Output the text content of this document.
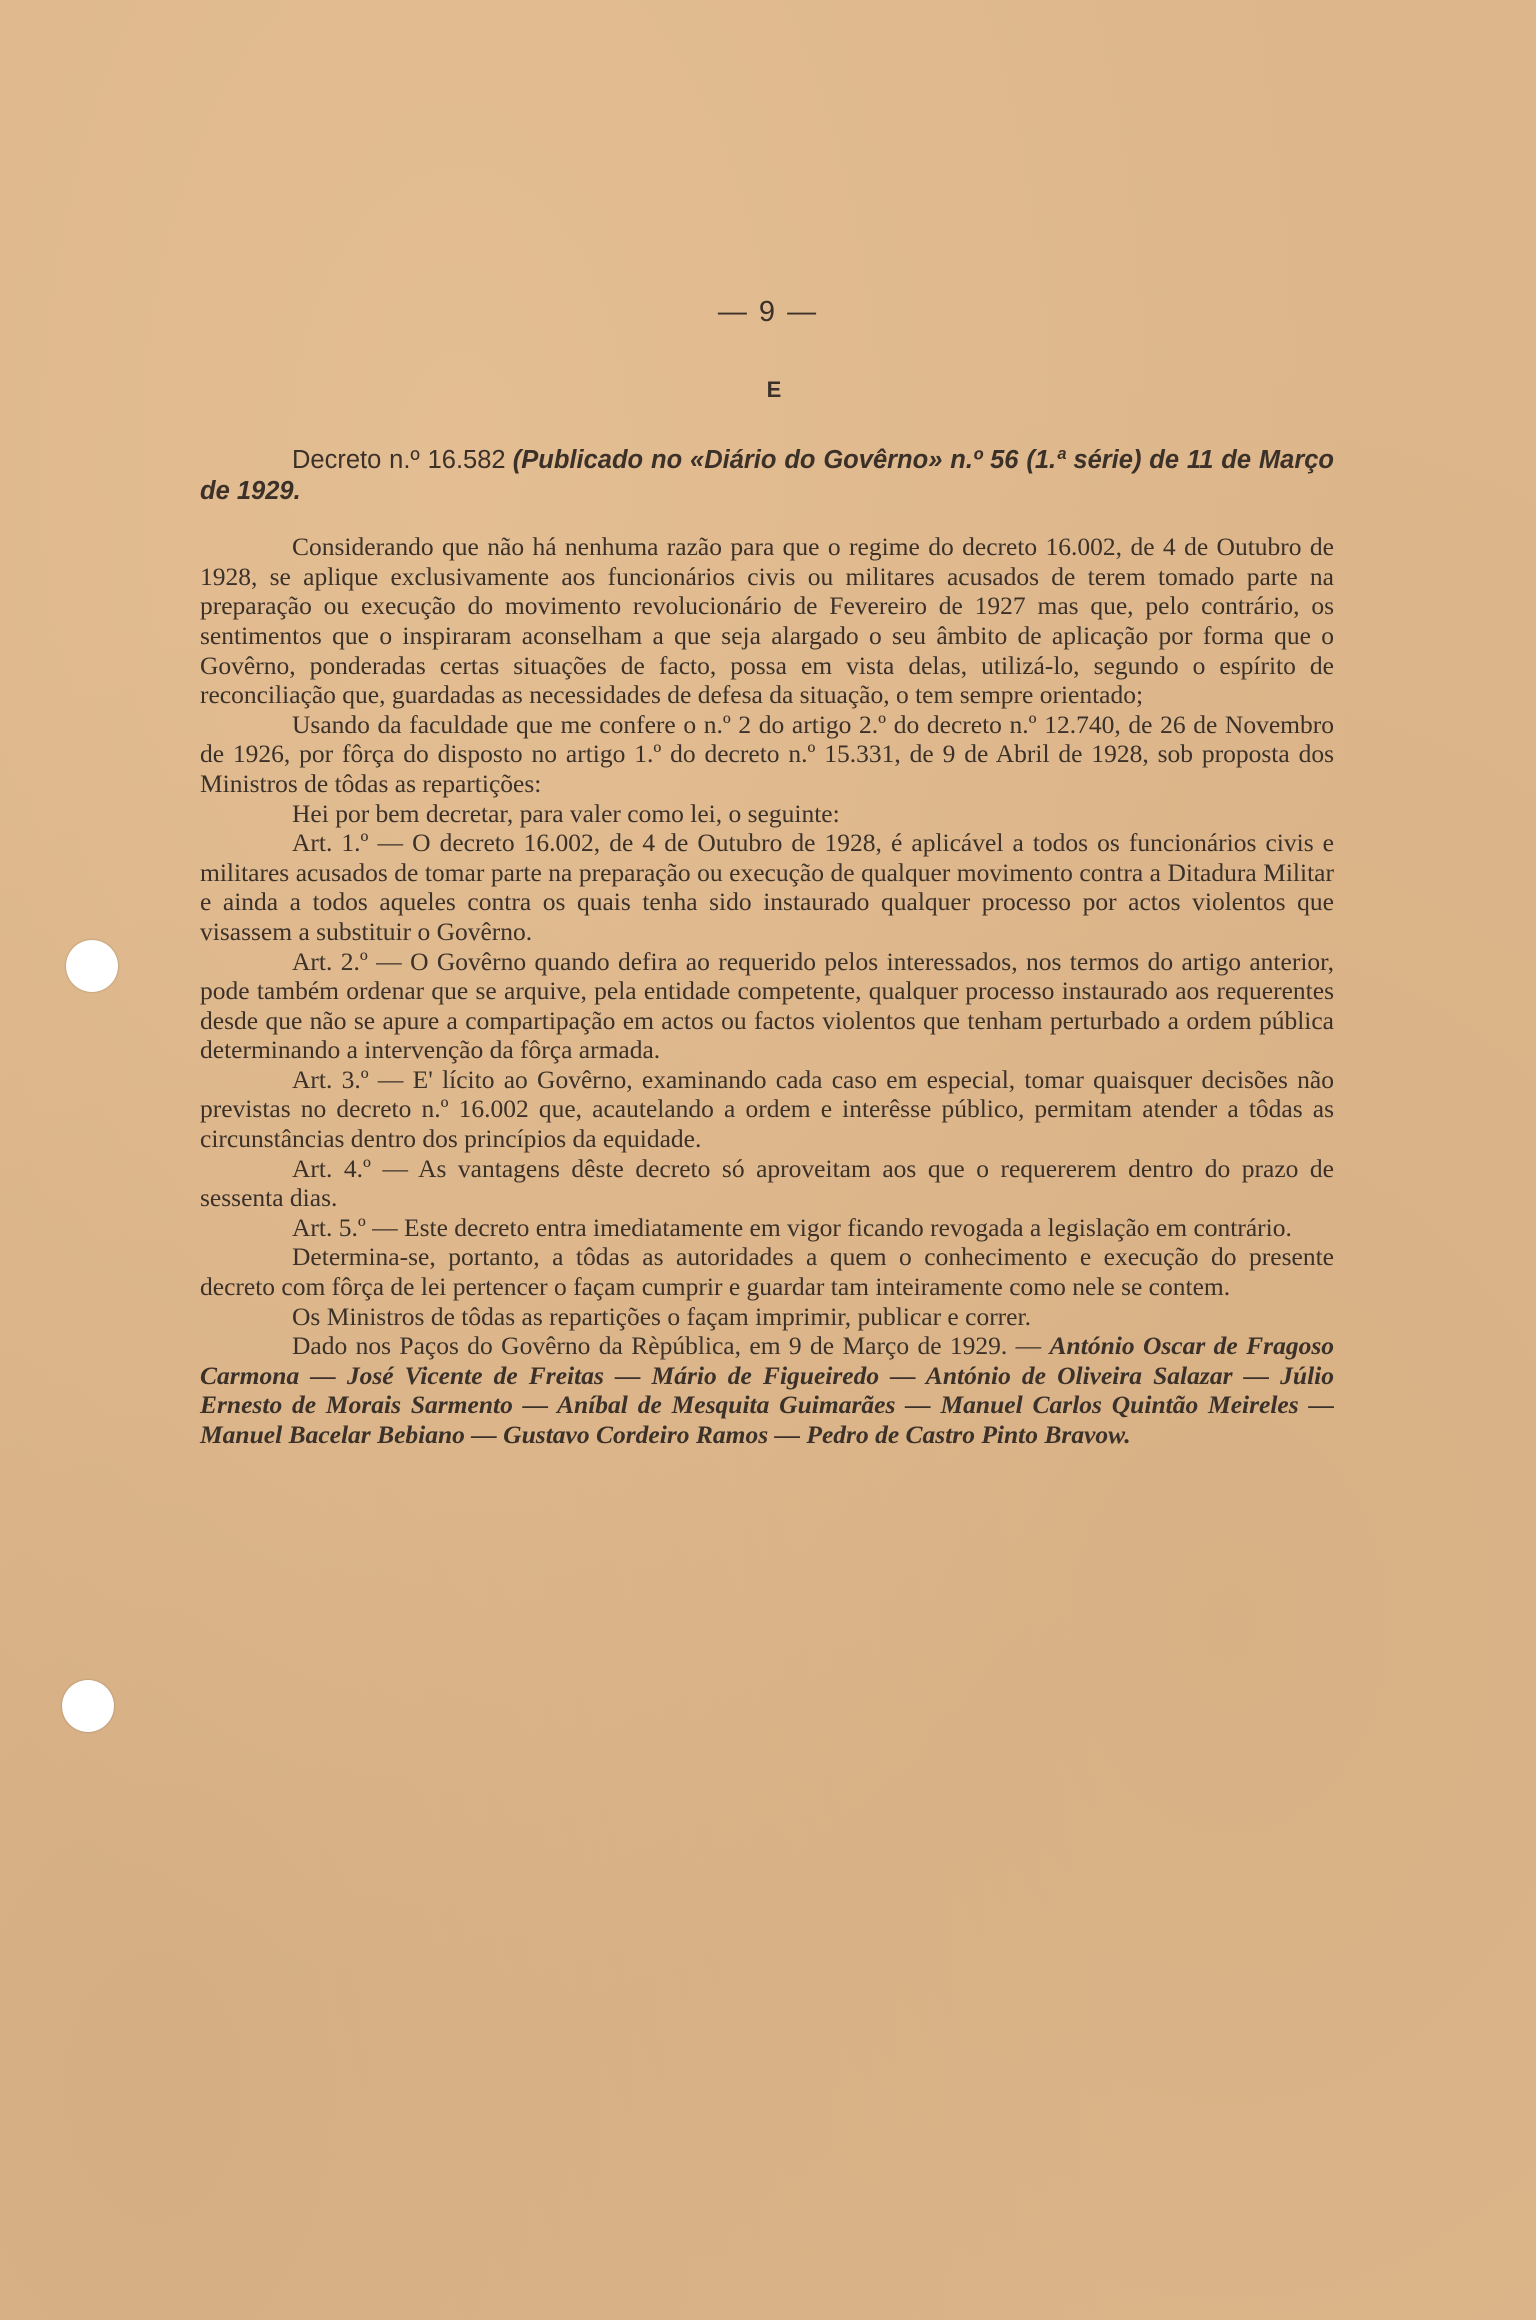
— 9 —
E

Decreto n.º 16.582 (Publicado no «Diário do Govêrno» n.º 56 (1.ª série) de 11 de Março de 1929.

Considerando que não há nenhuma razão para que o regime do decreto 16.002, de 4 de Outubro de 1928, se aplique exclusivamente aos funcionários civis ou militares acusados de terem tomado parte na preparação ou execução do movimento revolucionário de Fevereiro de 1927 mas que, pelo contrário, os sentimentos que o inspiraram aconselham a que seja alargado o seu âmbito de aplicação por forma que o Govêrno, ponderadas certas situações de facto, possa em vista delas, utilizá-lo, segundo o espírito de reconciliação que, guardadas as necessidades de defesa da situação, o tem sempre orientado;

Usando da faculdade que me confere o n.º 2 do artigo 2.º do decreto n.º 12.740, de 26 de Novembro de 1926, por fôrça do disposto no artigo 1.º do decreto n.º 15.331, de 9 de Abril de 1928, sob proposta dos Ministros de tôdas as repartições:

Hei por bem decretar, para valer como lei, o seguinte:

Art. 1.º — O decreto 16.002, de 4 de Outubro de 1928, é aplicável a todos os funcionários civis e militares acusados de tomar parte na preparação ou execução de qualquer movimento contra a Ditadura Militar e ainda a todos aqueles contra os quais tenha sido instaurado qualquer processo por actos violentos que visassem a substituir o Govêrno.

Art. 2.º — O Govêrno quando defira ao requerido pelos interessados, nos termos do artigo anterior, pode também ordenar que se arquive, pela entidade competente, qualquer processo instaurado aos requerentes desde que não se apure a compartipação em actos ou factos violentos que tenham perturbado a ordem pública determinando a intervenção da fôrça armada.

Art. 3.º — E' lícito ao Govêrno, examinando cada caso em especial, tomar quaisquer decisões não previstas no decreto n.º 16.002 que, acautelando a ordem e interêsse público, permitam atender a tôdas as circunstâncias dentro dos princípios da equidade.

Art. 4.º — As vantagens dêste decreto só aproveitam aos que o requererem dentro do prazo de sessenta dias.

Art. 5.º — Este decreto entra imediatamente em vigor ficando revogada a legislação em contrário.

Determina-se, portanto, a tôdas as autoridades a quem o conhecimento e execução do presente decreto com fôrça de lei pertencer o façam cumprir e guardar tam inteiramente como nele se contem.

Os Ministros de tôdas as repartições o façam imprimir, publicar e correr.

Dado nos Paços do Govêrno da Rèpública, em 9 de Março de 1929. — António Oscar de Fragoso Carmona — José Vicente de Freitas — Mário de Figueiredo — António de Oliveira Salazar — Júlio Ernesto de Morais Sarmento — Aníbal de Mesquita Guimarães — Manuel Carlos Quintão Meireles — Manuel Bacelar Bebiano — Gustavo Cordeiro Ramos — Pedro de Castro Pinto Bravow.
